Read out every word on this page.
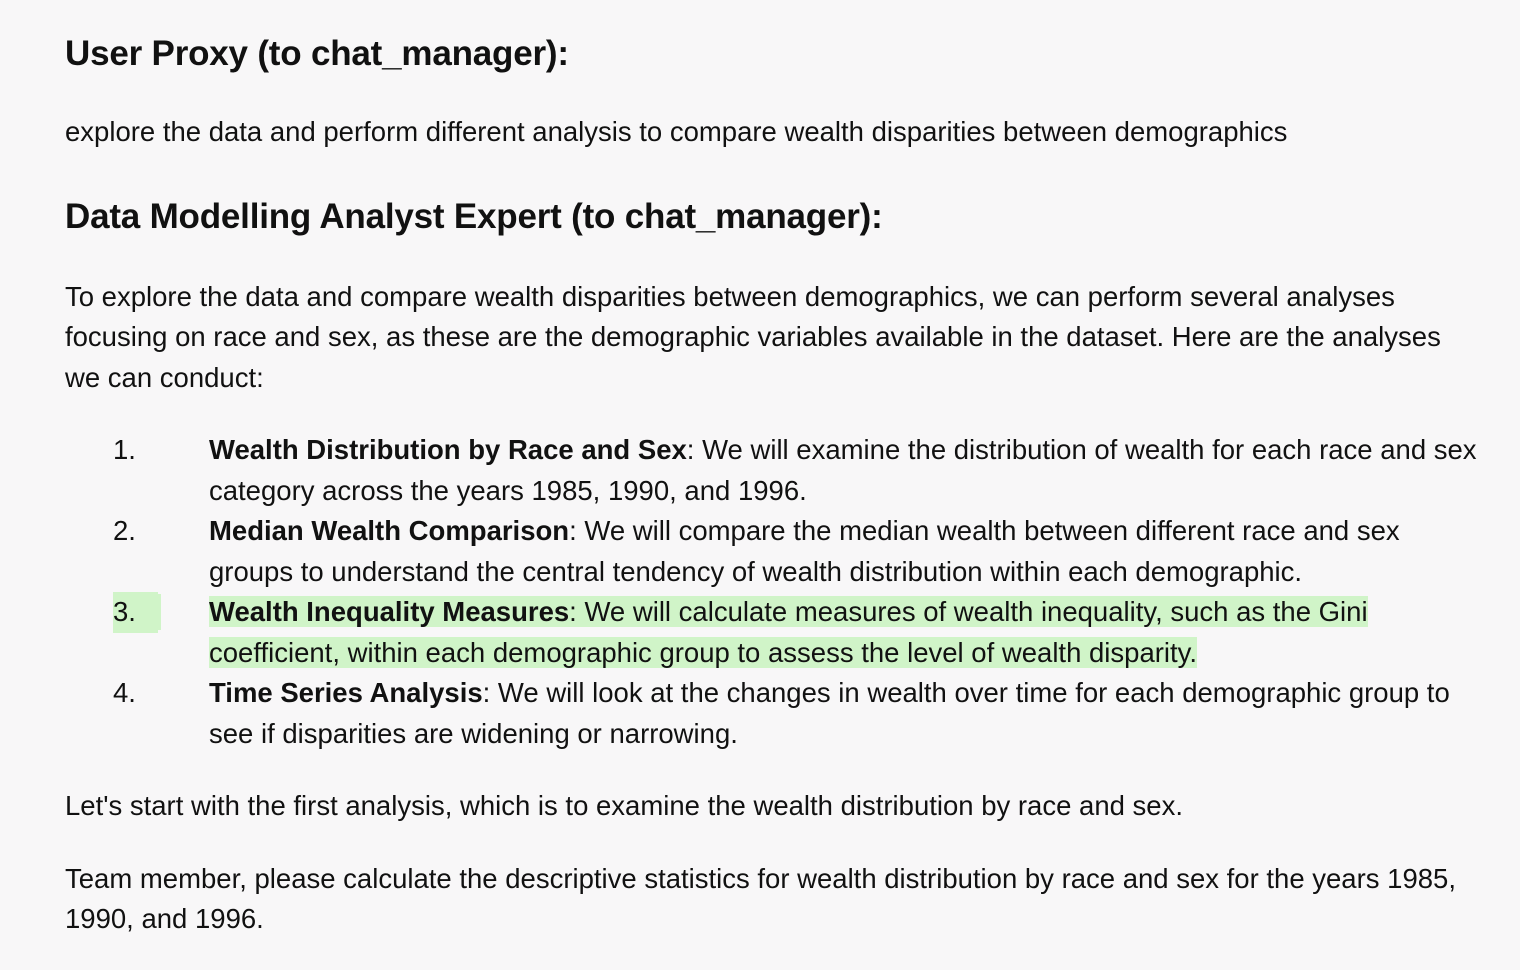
User Proxy (to chat_manager):

explore the data and perform different analysis to compare wealth disparities between demographics

Data Modelling Analyst Expert (to chat_manager):

To explore the data and compare wealth disparities between demographics, we can perform several analyses focusing on race and sex, as these are the demographic variables available in the dataset. Here are the analyses we can conduct:

1.	Wealth Distribution by Race and Sex: We will examine the distribution of wealth for each race and sex category across the years 1985, 1990, and 1996.
2.	Median Wealth Comparison: We will compare the median wealth between different race and sex groups to understand the central tendency of wealth distribution within each demographic.
3.	Wealth Inequality Measures: We will calculate measures of wealth inequality, such as the Gini coefficient, within each demographic group to assess the level of wealth disparity.
4.	Time Series Analysis: We will look at the changes in wealth over time for each demographic group to see if disparities are widening or narrowing.

Let's start with the first analysis, which is to examine the wealth distribution by race and sex.

Team member, please calculate the descriptive statistics for wealth distribution by race and sex for the years 1985, 1990, and 1996.
